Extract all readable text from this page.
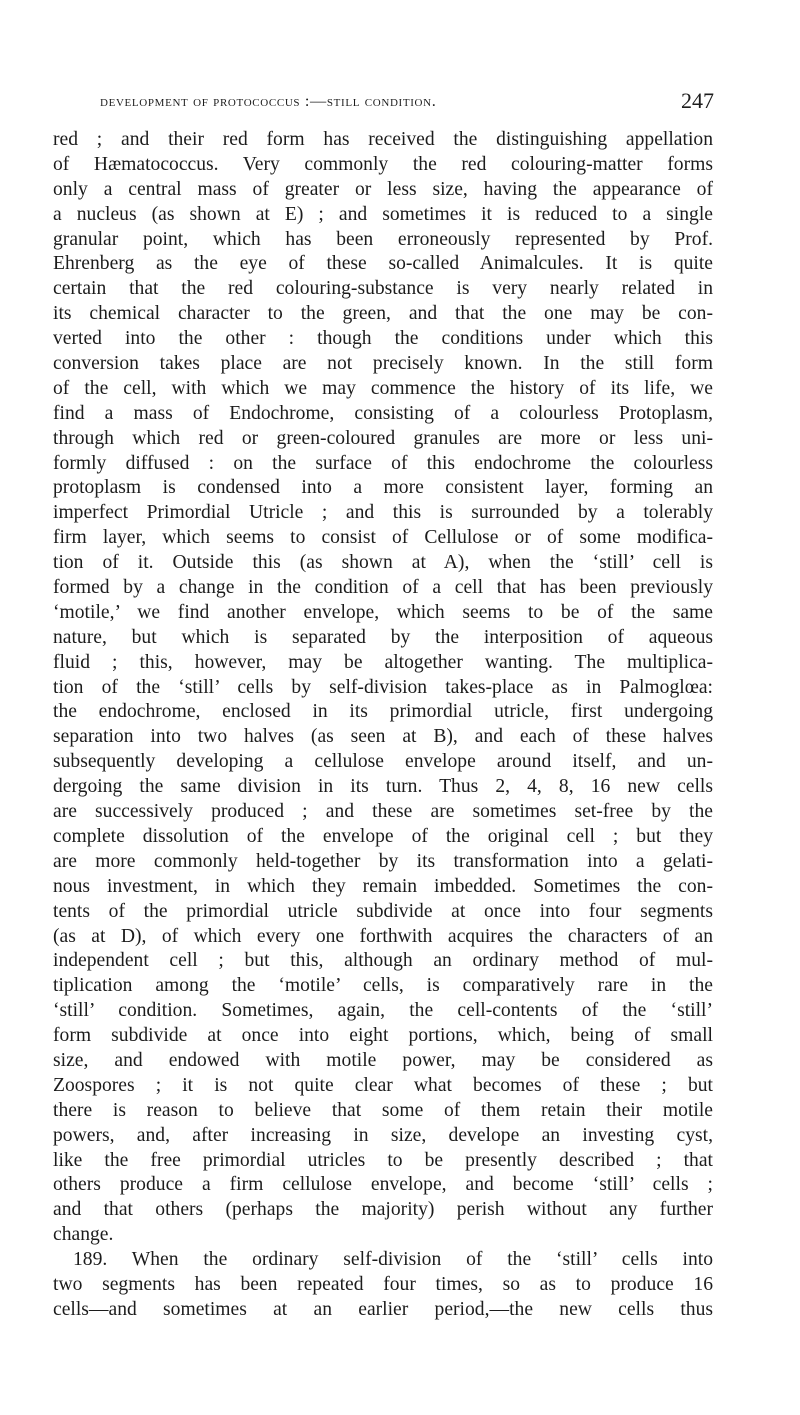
development of protococcus :—still condition.	247
red ; and their red form has received the distinguishing appellation
of Hæmatococcus. Very commonly the red colouring-matter forms
only a central mass of greater or less size, having the appearance of
a nucleus (as shown at E) ; and sometimes it is reduced to a single
granular point, which has been erroneously represented by Prof.
Ehrenberg as the eye of these so-called Animalcules. It is quite
certain that the red colouring-substance is very nearly related in
its chemical character to the green, and that the one may be con-
verted into the other : though the conditions under which this
conversion takes place are not precisely known. In the still form
of the cell, with which we may commence the history of its life, we
find a mass of Endochrome, consisting of a colourless Protoplasm,
through which red or green-coloured granules are more or less uni-
formly diffused : on the surface of this endochrome the colourless
protoplasm is condensed into a more consistent layer, forming an
imperfect Primordial Utricle ; and this is surrounded by a tolerably
firm layer, which seems to consist of Cellulose or of some modifica-
tion of it. Outside this (as shown at A), when the ‘still’ cell is
formed by a change in the condition of a cell that has been previously
‘motile,’ we find another envelope, which seems to be of the same
nature, but which is separated by the interposition of aqueous
fluid ; this, however, may be altogether wanting. The multiplica-
tion of the ‘still’ cells by self-division takes-place as in Palmoglœa:
the endochrome, enclosed in its primordial utricle, first undergoing
separation into two halves (as seen at B), and each of these halves
subsequently developing a cellulose envelope around itself, and un-
dergoing the same division in its turn. Thus 2, 4, 8, 16 new cells
are successively produced ; and these are sometimes set-free by the
complete dissolution of the envelope of the original cell ; but they
are more commonly held-together by its transformation into a gelati-
nous investment, in which they remain imbedded. Sometimes the con-
tents of the primordial utricle subdivide at once into four segments
(as at D), of which every one forthwith acquires the characters of an
independent cell ; but this, although an ordinary method of mul-
tiplication among the ‘motile’ cells, is comparatively rare in the
‘still’ condition. Sometimes, again, the cell-contents of the ‘still’
form subdivide at once into eight portions, which, being of small
size, and endowed with motile power, may be considered as
Zoospores ; it is not quite clear what becomes of these ; but
there is reason to believe that some of them retain their motile
powers, and, after increasing in size, develope an investing cyst,
like the free primordial utricles to be presently described ; that
others produce a firm cellulose envelope, and become ‘still’ cells ;
and that others (perhaps the majority) perish without any further
change.
189. When the ordinary self-division of the ‘still’ cells into
two segments has been repeated four times, so as to produce 16
cells—and sometimes at an earlier period,—the new cells thus
